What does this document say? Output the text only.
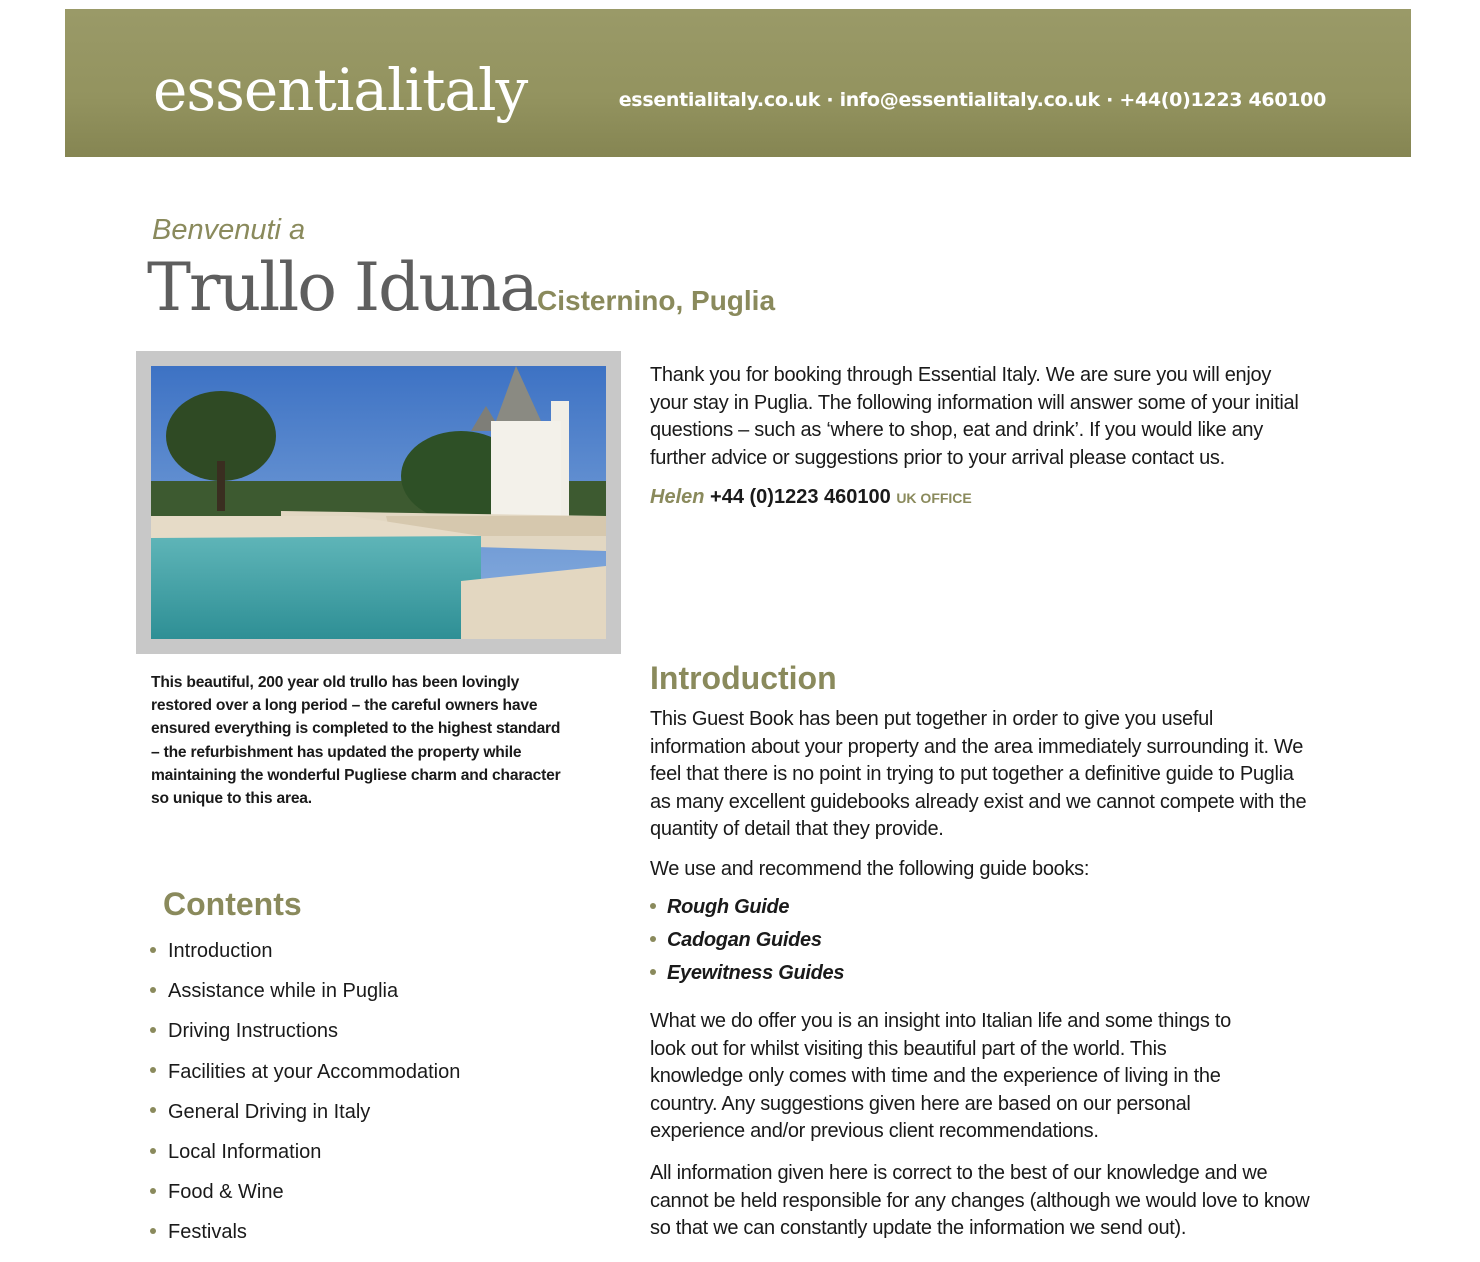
essentialitaly	essentialitaly.co.uk · info@essentialitaly.co.uk · +44(0)1223 460100
Benvenuti a
Trullo Iduna Cisternino, Puglia
This beautiful, 200 year old trullo has been lovingly restored over a long period – the careful owners have ensured everything is completed to the highest standard – the refurbishment has updated the property while maintaining the wonderful Pugliese charm and character so unique to this area.
Contents
Introduction
Assistance while in Puglia
Driving Instructions
Facilities at your Accommodation
General Driving in Italy
Local Information
Food & Wine
Festivals
Thank you for booking through Essential Italy. We are sure you will enjoy your stay in Puglia. The following information will answer some of your initial questions – such as ‘where to shop, eat and drink’. If you would like any further advice or suggestions prior to your arrival please contact us.
Helen +44 (0)1223 460100 UK OFFICE
Introduction
This Guest Book has been put together in order to give you useful information about your property and the area immediately surrounding it. We feel that there is no point in trying to put together a definitive guide to Puglia as many excellent guidebooks already exist and we cannot compete with the quantity of detail that they provide.
We use and recommend the following guide books:
Rough Guide
Cadogan Guides
Eyewitness Guides
What we do offer you is an insight into Italian life and some things to look out for whilst visiting this beautiful part of the world. This knowledge only comes with time and the experience of living in the country. Any suggestions given here are based on our personal experience and/or previous client recommendations.
All information given here is correct to the best of our knowledge and we cannot be held responsible for any changes (although we would love to know so that we can constantly update the information we send out).
